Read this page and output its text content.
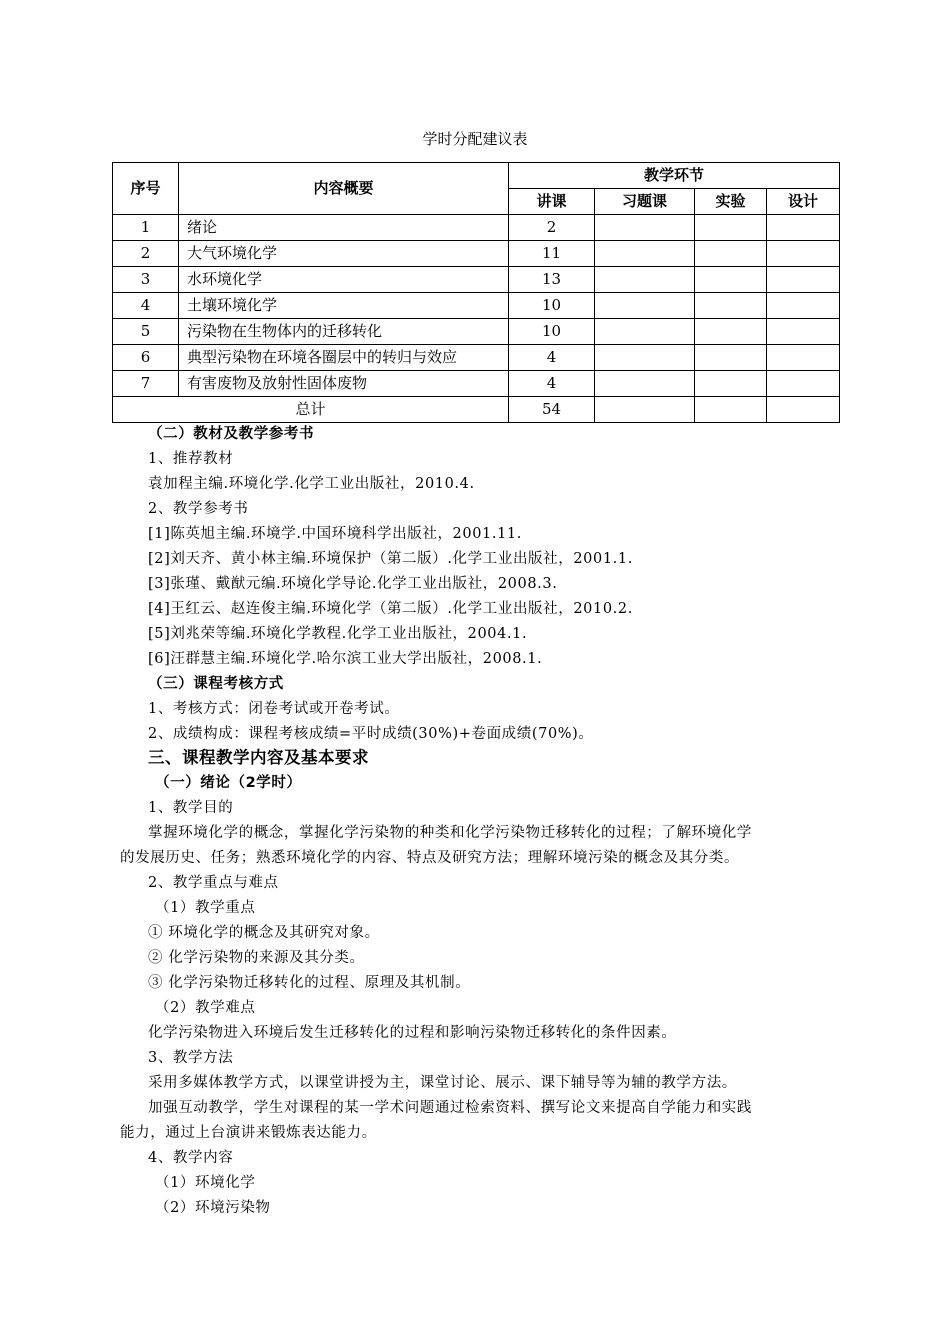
学时分配建议表
序号	内容概要	教学环节			
		讲课	习题课	实验	设计
1	绪论	2			
2	大气环境化学	11			
3	水环境化学	13			
4	土壤环境化学	10			
5	污染物在生物体内的迁移转化	10			
6	典型污染物在环境各圈层中的转归与效应	4			
7	有害废物及放射性固体废物	4			
总计		54			
（二）教材及教学参考书
1、推荐教材
袁加程主编.环境化学.化学工业出版社，2010.4.
2、教学参考书
[1]陈英旭主编.环境学.中国环境科学出版社，2001.11.
[2]刘天齐、黄小林主编.环境保护（第二版）.化学工业出版社，2001.1.
[3]张瑾、戴猷元编.环境化学导论.化学工业出版社，2008.3.
[4]王红云、赵连俊主编.环境化学（第二版）.化学工业出版社，2010.2.
[5]刘兆荣等编.环境化学教程.化学工业出版社，2004.1.
[6]汪群慧主编.环境化学.哈尔滨工业大学出版社，2008.1.
（三）课程考核方式
1、考核方式：闭卷考试或开卷考试。
2、成绩构成：课程考核成绩=平时成绩(30%)+卷面成绩(70%)。
三、课程教学内容及基本要求
（一）绪论（2学时）
1、教学目的
掌握环境化学的概念，掌握化学污染物的种类和化学污染物迁移转化的过程；了解环境化学
的发展历史、任务；熟悉环境化学的内容、特点及研究方法；理解环境污染的概念及其分类。
2、教学重点与难点
（1）教学重点
① 环境化学的概念及其研究对象。
② 化学污染物的来源及其分类。
③ 化学污染物迁移转化的过程、原理及其机制。
（2）教学难点
化学污染物进入环境后发生迁移转化的过程和影响污染物迁移转化的条件因素。
3、教学方法
采用多媒体教学方式，以课堂讲授为主，课堂讨论、展示、课下辅导等为辅的教学方法。
加强互动教学，学生对课程的某一学术问题通过检索资料、撰写论文来提高自学能力和实践
能力，通过上台演讲来锻炼表达能力。
4、教学内容
（1）环境化学
（2）环境污染物
